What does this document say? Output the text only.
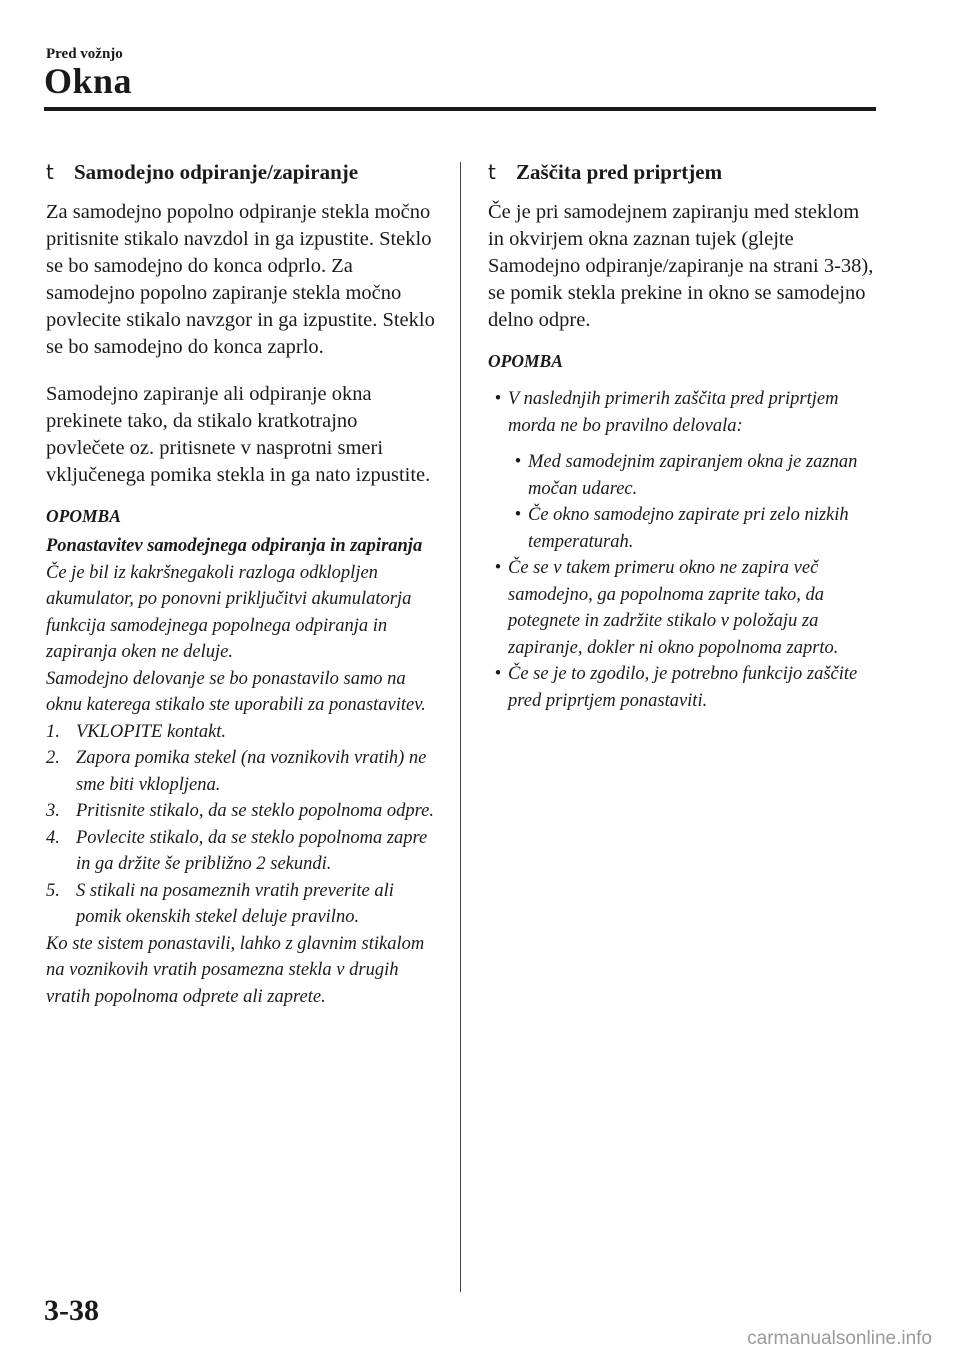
Pred vožnjo
Okna
t Samodejno odpiranje/zapiranje

Za samodejno popolno odpiranje stekla močno pritisnite stikalo navzdol in ga izpustite. Steklo se bo samodejno do konca odprlo. Za samodejno popolno zapiranje stekla močno povlecite stikalo navzgor in ga izpustite. Steklo se bo samodejno do konca zaprlo.

Samodejno zapiranje ali odpiranje okna prekinete tako, da stikalo kratkotrajno povlečete oz. pritisnete v nasprotni smeri vključenega pomika stekla in ga nato izpustite.

OPOMBA
Ponastavitev samodejnega odpiranja in zapiranja
Če je bil iz kakršnegakoli razloga odklopljen akumulator, po ponovni priključitvi akumulatorja funkcija samodejnega popolnega odpiranja in zapiranja oken ne deluje.
Samodejno delovanje se bo ponastavilo samo na oknu katerega stikalo ste uporabili za ponastavitev.
1. VKLOPITE kontakt.
2. Zapora pomika stekel (na voznikovih vratih) ne sme biti vklopljena.
3. Pritisnite stikalo, da se steklo popolnoma odpre.
4. Povlecite stikalo, da se steklo popolnoma zapre in ga držite še približno 2 sekundi.
5. S stikali na posameznih vratih preverite ali pomik okenskih stekel deluje pravilno.
Ko ste sistem ponastavili, lahko z glavnim stikalom na voznikovih vratih posamezna stekla v drugih vratih popolnoma odprete ali zaprete.
t Zaščita pred priprtjem

Če je pri samodejnem zapiranju med steklom in okvirjem okna zaznan tujek (glejte Samodejno odpiranje/zapiranje na strani 3-38), se pomik stekla prekine in okno se samodejno delno odpre.

OPOMBA
• V naslednjih primerih zaščita pred priprtjem morda ne bo pravilno delovala:
• Med samodejnim zapiranjem okna je zaznan močan udarec.
• Če okno samodejno zapirate pri zelo nizkih temperaturah.
• Če se v takem primeru okno ne zapira več samodejno, ga popolnoma zaprite tako, da potegnete in zadržite stikalo v položaju za zapiranje, dokler ni okno popolnoma zaprto.
• Če se je to zgodilo, je potrebno funkcijo zaščite pred priprtjem ponastaviti.
3-38
carmanualsonline.info
